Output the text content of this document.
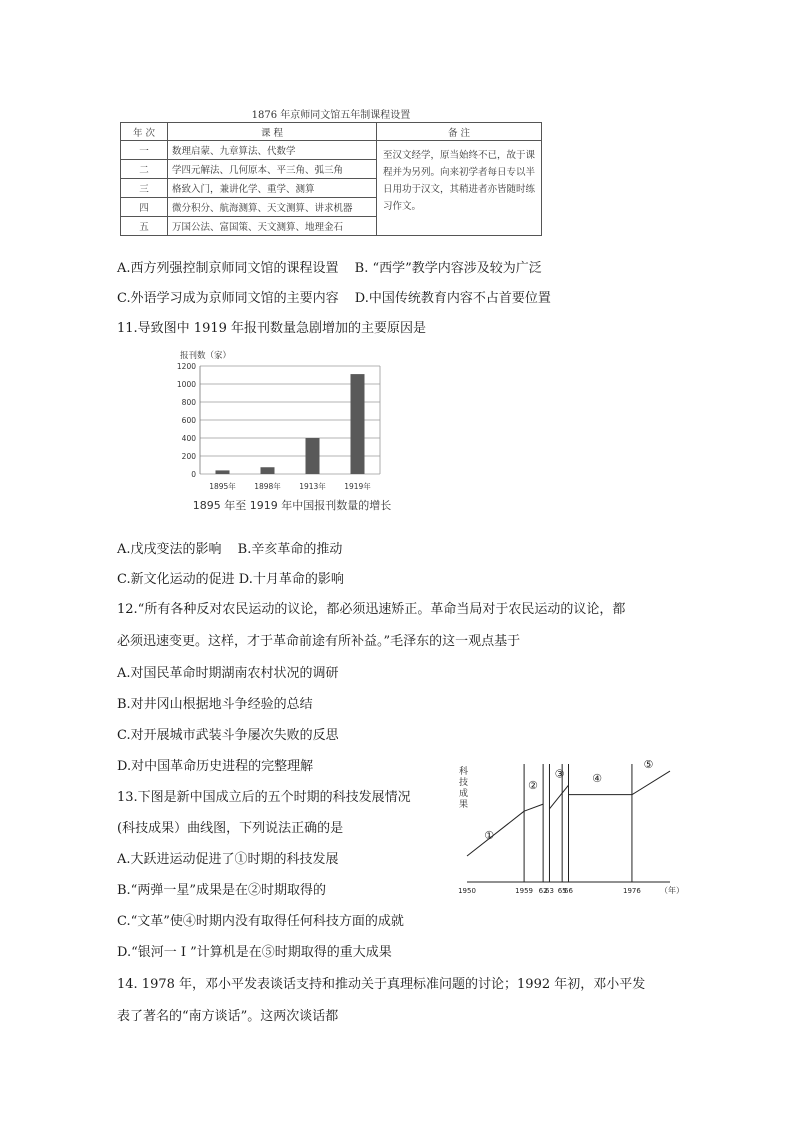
1876 年京师同文馆五年制课程设置
年 次	课 程	备 注
一	数理启蒙、九章算法、代数学	至汉文经学，原当始终不已，故于课程并为另列。向来初学者每日专以半日用功于汉文，其稍进者亦皆随时练习作文。
二	学四元解法、几何原本、平三角、弧三角	
三	格致入门，兼讲化学、重学、测算	
四	微分积分、航海测算、天文测算、讲求机器	
五	万国公法、富国策、天文测算、地理金石	
A.西方列强控制京师同文馆的课程设置 B. “西学”教学内容涉及较为广泛
C.外语学习成为京师同文馆的主要内容 D.中国传统教育内容不占首要位置
11.导致图中 1919 年报刊数量急剧增加的主要原因是
报刊数（家）
0
200
400
600
800
1000
1200
1895年 1898年 1913年 1919年
1895 年至 1919 年中国报刊数量的增长
A.戊戌变法的影响 B.辛亥革命的推动
C.新文化运动的促进 D.十月革命的影响
12.“所有各种反对农民运动的议论，都必须迅速矫正。革命当局对于农民运动的议论，都
必须迅速变更。这样，才于革命前途有所补益。”毛泽东的这一观点基于
A.对国民革命时期湖南农村状况的调研
B.对井冈山根据地斗争经验的总结
C.对开展城市武装斗争屡次失败的反思
D.对中国革命历史进程的完整理解
13.下图是新中国成立后的五个时期的科技发展情况
(科技成果）曲线图，下列说法正确的是
A.大跃进运动促进了①时期的科技发展
B.“两弹一星”成果是在②时期取得的
C.“文革”使④时期内没有取得任何科技方面的成就
D.“银河一 Ⅰ ”计算机是在⑤时期取得的重大成果
科
技
成
果
①
②
③	④
⑤
1950	1959 62
63 65
66	1976 （年）
14. 1978 年，邓小平发表谈话支持和推动关于真理标准问题的讨论；1992 年初，邓小平发
表了著名的“南方谈话”。这两次谈话都
